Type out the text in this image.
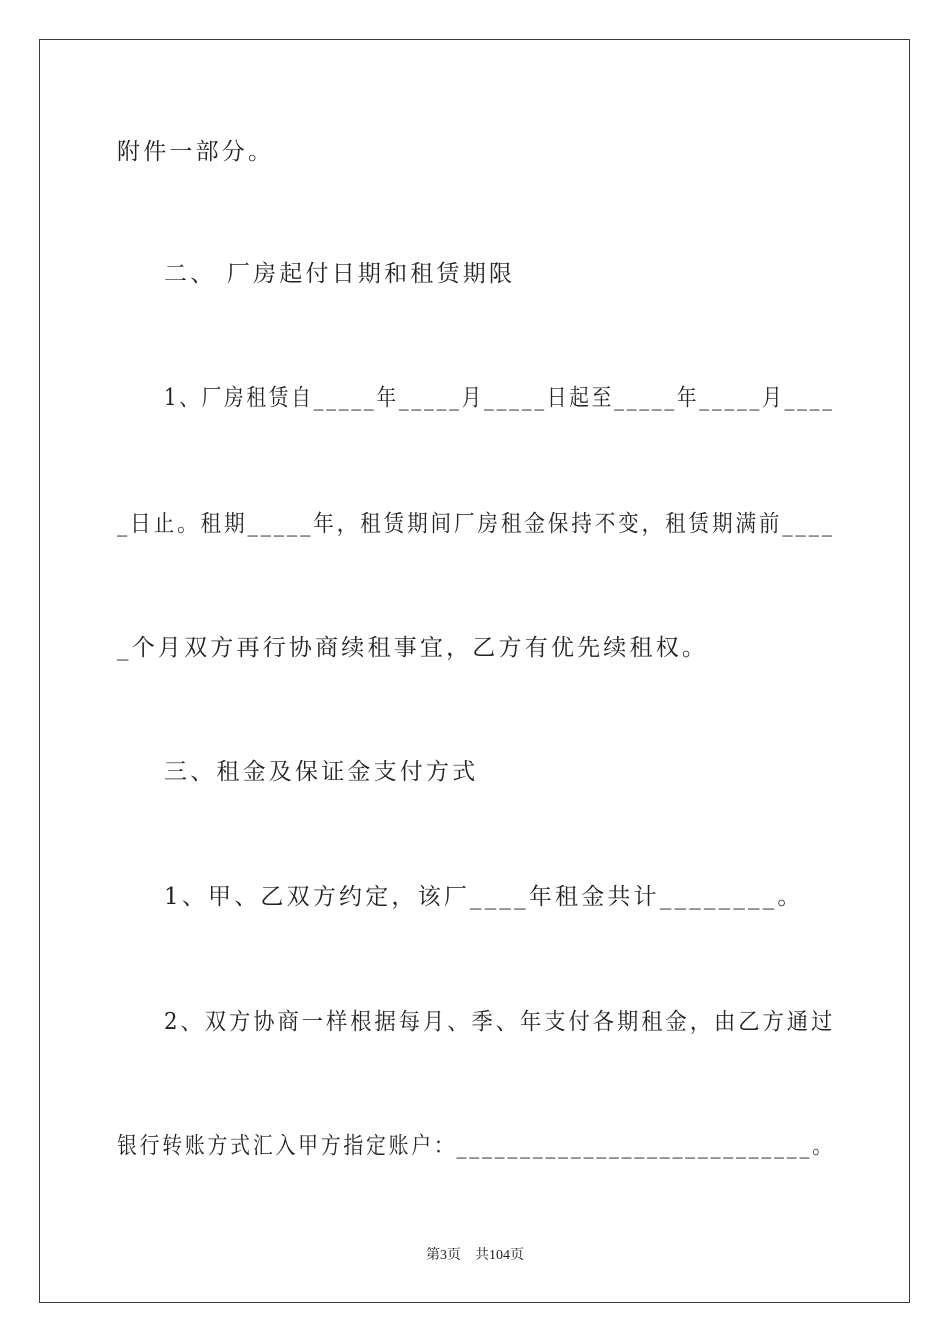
附件一部分。
二、 厂房起付日期和租赁期限
1、厂房租赁自_____年_____月_____日起至_____年_____月____
_日止。租期_____年，租赁期间厂房租金保持不变，租赁期满前____
_个月双方再行协商续租事宜，乙方有优先续租权。
三、租金及保证金支付方式
1、甲、乙双方约定，该厂____年租金共计________。
2、双方协商一样根据每月、季、年支付各期租金，由乙方通过
银行转账方式汇入甲方指定账户：____________________________。
第3页 共104页
